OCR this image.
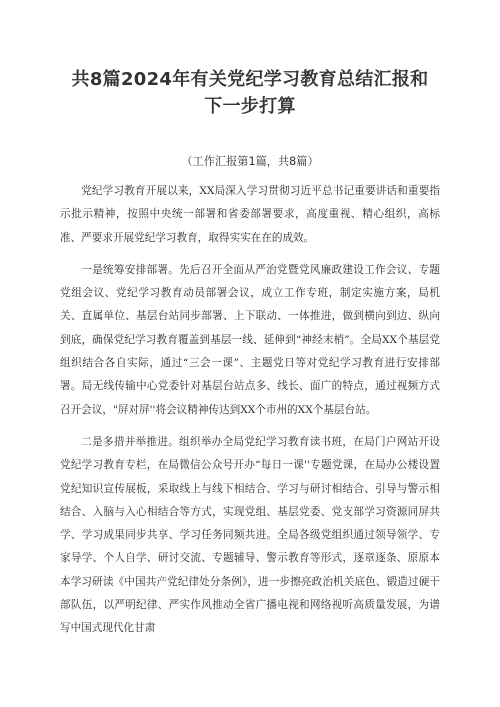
共8篇2024年有关党纪学习教育总结汇报和下一步打算
（工作汇报第1篇，共8篇）

党纪学习教育开展以来，XX局深入学习贯彻习近平总书记重要讲话和重要指示批示精神，按照中央统一部署和省委部署要求，高度重视、精心组织，高标准、严要求开展党纪学习教育，取得实实在在的成效。

一是统筹安排部署。先后召开全面从严治党暨党风廉政建设工作会议、专题党组会议、党纪学习教育动员部署会议，成立工作专班，制定实施方案，局机关、直属单位、基层台站同步部署、上下联动、一体推进，做到横向到边、纵向到底，确保党纪学习教育覆盖到基层一线、延伸到“神经末梢”。全局XX个基层党组织结合各自实际，通过“三会一课”、主题党日等对党纪学习教育进行安排部署。局无线传输中心党委针对基层台站点多、线长、面广的特点，通过视频方式召开会议，"屏对屏''将会议精神传达到XX个市州的XX个基层台站。

二是多措并举推进。组织举办全局党纪学习教育读书班，在局门户网站开设党纪学习教育专栏，在局微信公众号开办“每日一课''专题党课，在局办公楼设置党纪知识宣传展板，采取线上与线下相结合、学习与研讨相结合、引导与警示相结合、入脑与入心相结合等方式，实现党组、基层党委、党支部学习资源同屏共学、学习成果同步共享、学习任务同频共进。全局各级党组织通过领导领学、专家导学、个人自学、研讨交流、专题辅导、警示教育等形式，逐章逐条、原原本本学习研读《中国共产党纪律处分条例》，进一步擦亮政治机关底色、锻造过硬干部队伍，以严明纪律、严实作风推动全省广播电视和网络视听高质量发展，为谱写中国式现代化甘肃
